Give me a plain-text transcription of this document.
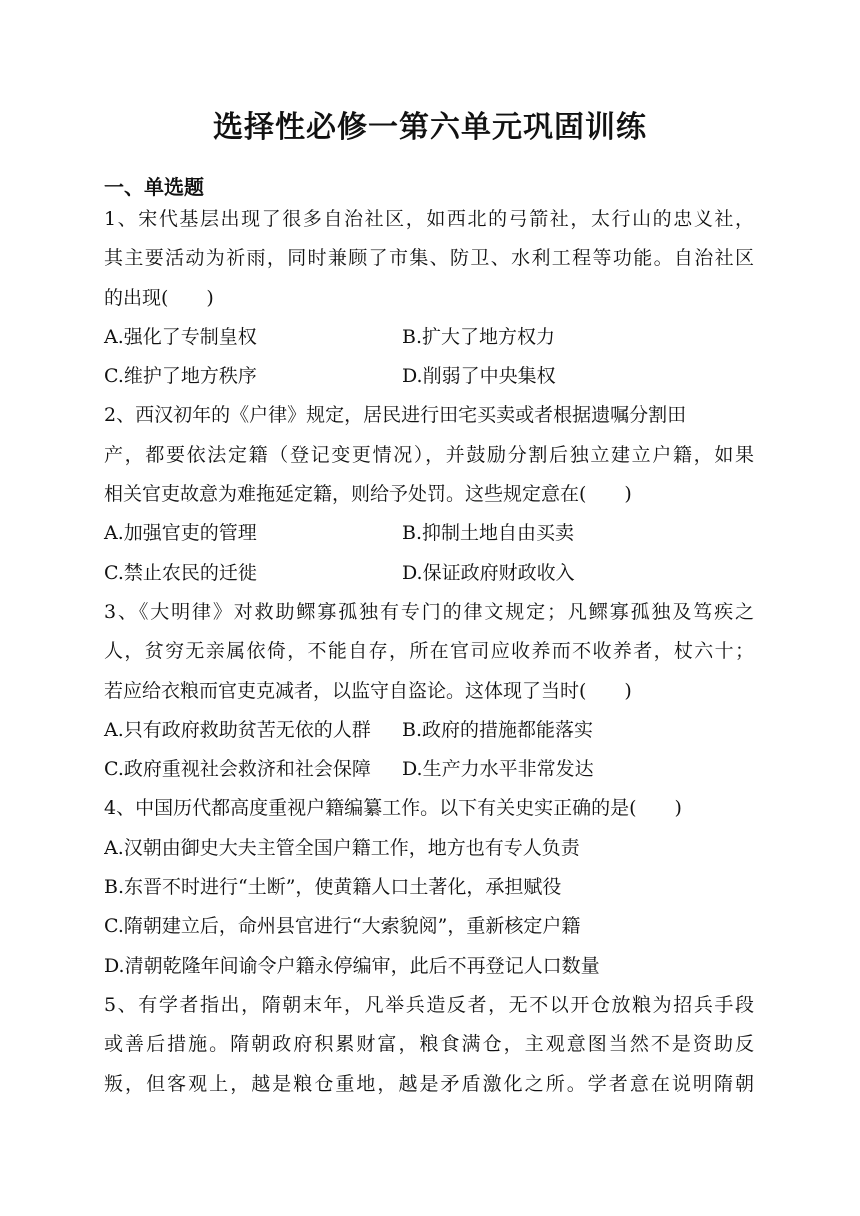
选择性必修一第六单元巩固训练
一、单选题
1、宋代基层出现了很多自治社区，如西北的弓箭社，太行山的忠义社，
其主要活动为祈雨，同时兼顾了市集、防卫、水利工程等功能。自治社区
的出现(　　)
A.强化了专制皇权	B.扩大了地方权力
C.维护了地方秩序	D.削弱了中央集权
2、西汉初年的《户律》规定，居民进行田宅买卖或者根据遗嘱分割田
产，都要依法定籍（登记变更情况），并鼓励分割后独立建立户籍，如果
相关官吏故意为难拖延定籍，则给予处罚。这些规定意在(　　)
A.加强官吏的管理	B.抑制土地自由买卖
C.禁止农民的迁徙	D.保证政府财政收入
3、《大明律》对救助鳏寡孤独有专门的律文规定；凡鳏寡孤独及笃疾之
人，贫穷无亲属依倚，不能自存，所在官司应收养而不收养者，杖六十；
若应给衣粮而官吏克减者，以监守自盗论。这体现了当时(　　)
A.只有政府救助贫苦无依的人群 B.政府的措施都能落实
C.政府重视社会救济和社会保障 D.生产力水平非常发达
4、中国历代都高度重视户籍编纂工作。以下有关史实正确的是(　　)
A.汉朝由御史大夫主管全国户籍工作，地方也有专人负责
B.东晋不时进行“土断”，使黄籍人口土著化，承担赋役
C.隋朝建立后，命州县官进行“大索貌阅”，重新核定户籍
D.清朝乾隆年间谕令户籍永停编审，此后不再登记人口数量
5、有学者指出，隋朝末年，凡举兵造反者，无不以开仓放粮为招兵手段
或善后措施。隋朝政府积累财富，粮食满仓，主观意图当然不是资助反
叛，但客观上，越是粮仓重地，越是矛盾激化之所。学者意在说明隋朝
